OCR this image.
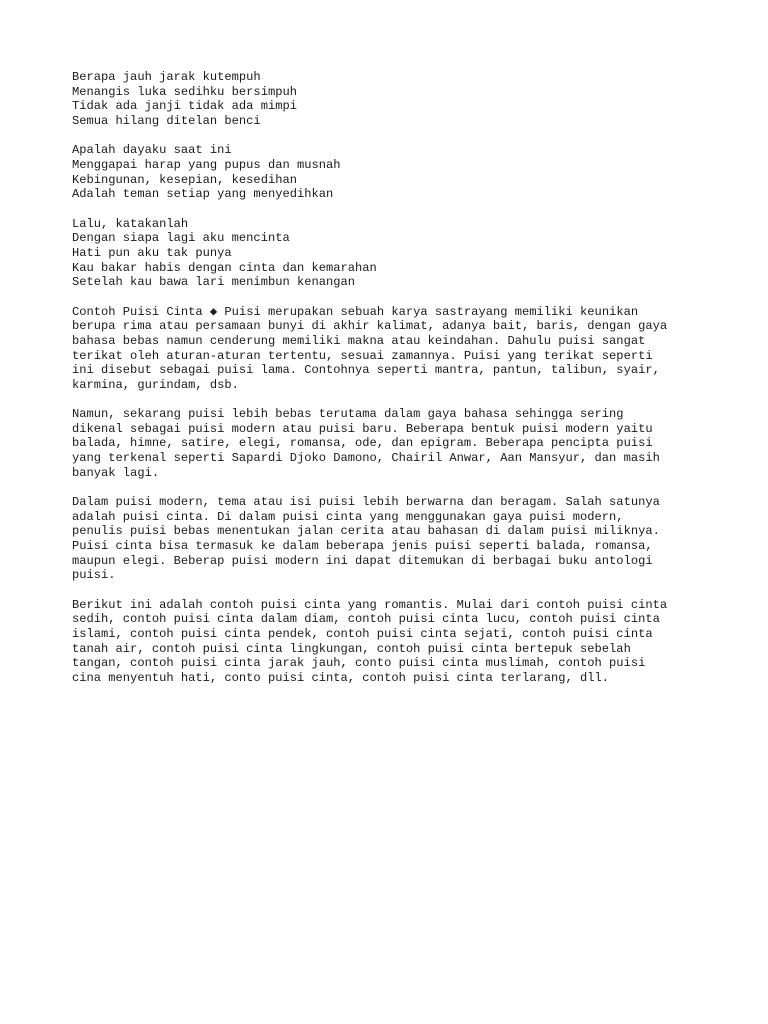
Berapa jauh jarak kutempuh
Menangis luka sedihku bersimpuh
Tidak ada janji tidak ada mimpi
Semua hilang ditelan benci
Apalah dayaku saat ini
Menggapai harap yang pupus dan musnah
Kebingunan, kesepian, kesedihan
Adalah teman setiap yang menyedihkan
Lalu, katakanlah
Dengan siapa lagi aku mencinta
Hati pun aku tak punya
Kau bakar habis dengan cinta dan kemarahan
Setelah kau bawa lari menimbun kenangan
Contoh Puisi Cinta ◆ Puisi merupakan sebuah karya sastrayang memiliki keunikan
berupa rima atau persamaan bunyi di akhir kalimat, adanya bait, baris, dengan gaya
bahasa bebas namun cenderung memiliki makna atau keindahan. Dahulu puisi sangat
terikat oleh aturan-aturan tertentu, sesuai zamannya. Puisi yang terikat seperti
ini disebut sebagai puisi lama. Contohnya seperti mantra, pantun, talibun, syair,
karmina, gurindam, dsb.
Namun, sekarang puisi lebih bebas terutama dalam gaya bahasa sehingga sering
dikenal sebagai puisi modern atau puisi baru. Beberapa bentuk puisi modern yaitu
balada, himne, satire, elegi, romansa, ode, dan epigram. Beberapa pencipta puisi
yang terkenal seperti Sapardi Djoko Damono, Chairil Anwar, Aan Mansyur, dan masih
banyak lagi.
Dalam puisi modern, tema atau isi puisi lebih berwarna dan beragam. Salah satunya
adalah puisi cinta. Di dalam puisi cinta yang menggunakan gaya puisi modern,
penulis puisi bebas menentukan jalan cerita atau bahasan di dalam puisi miliknya.
Puisi cinta bisa termasuk ke dalam beberapa jenis puisi seperti balada, romansa,
maupun elegi. Beberap puisi modern ini dapat ditemukan di berbagai buku antologi
puisi.
Berikut ini adalah contoh puisi cinta yang romantis. Mulai dari contoh puisi cinta
sedih, contoh puisi cinta dalam diam, contoh puisi cinta lucu, contoh puisi cinta
islami, contoh puisi cinta pendek, contoh puisi cinta sejati, contoh puisi cinta
tanah air, contoh puisi cinta lingkungan, contoh puisi cinta bertepuk sebelah
tangan, contoh puisi cinta jarak jauh, conto puisi cinta muslimah, contoh puisi
cina menyentuh hati, conto puisi cinta, contoh puisi cinta terlarang, dll.
